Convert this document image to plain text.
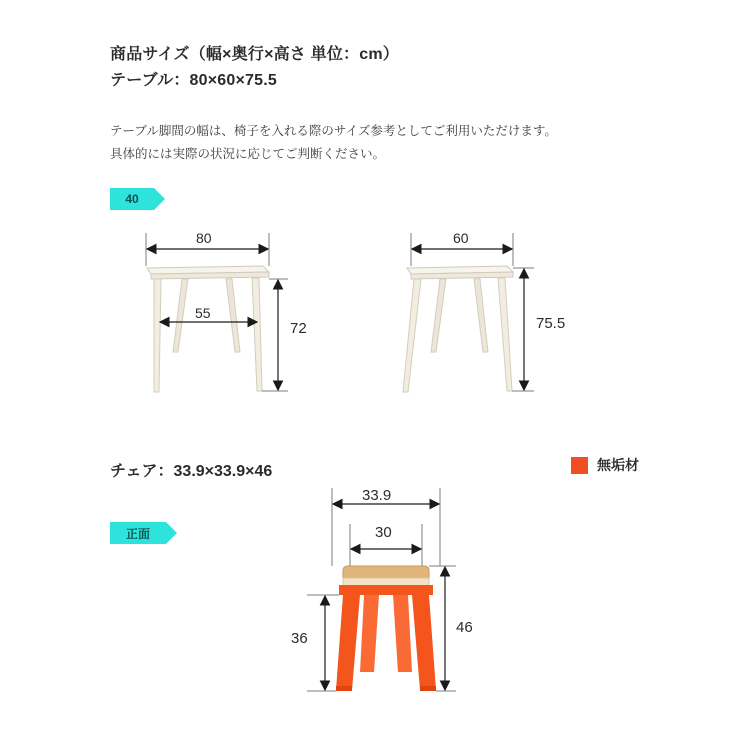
商品サイズ（幅×奥行×高さ 単位：cm）
テーブル：80×60×75.5
テーブル脚間の幅は、椅子を入れる際のサイズ参考としてご利用いただけます。
具体的には実際の状況に応じてご判断ください。
40
チェア：33.9×33.9×46
正面
無垢材
80
55
72
60
75.5
33.9
30
36
46
